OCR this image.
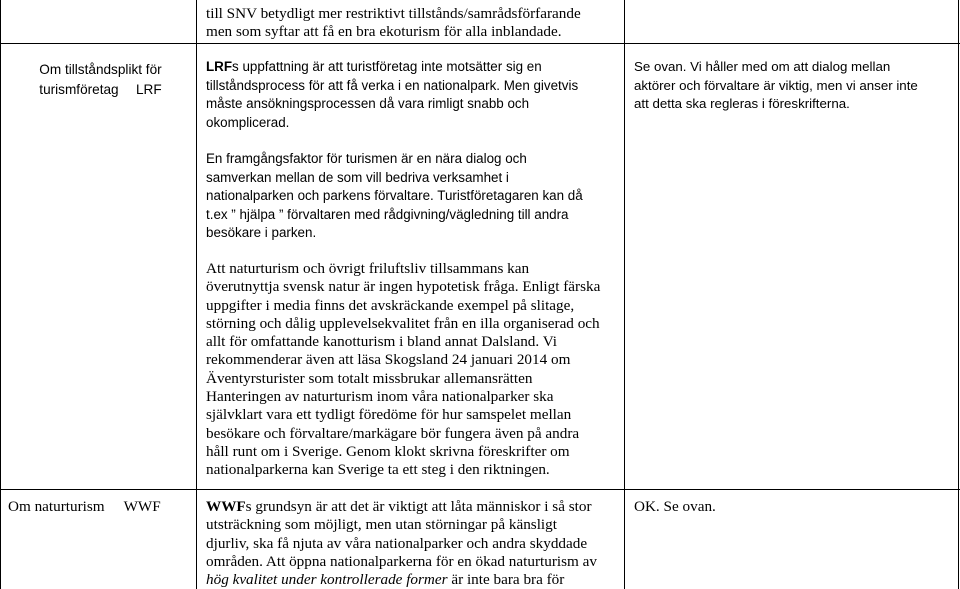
till SNV betydligt mer restriktivt tillstånds/samrådsförfarande
men som syftar att få en bra ekoturism för alla inblandade.
Om tillståndsplikt för
turismföretag  LRF
LRFs uppfattning är att turistföretag inte motsätter sig en
tillståndsprocess för att få verka i en nationalpark. Men givetvis
måste ansökningsprocessen då vara rimligt snabb och
okomplicerad.
En framgångsfaktor för turismen är en nära dialog och
samverkan mellan de som vill bedriva verksamhet i
nationalparken och parkens förvaltare. Turistföretagaren kan då
t.ex ” hjälpa ” förvaltaren med rådgivning/vägledning till andra
besökare i parken.
Att naturturism och övrigt friluftsliv tillsammans kan
överutnyttja svensk natur är ingen hypotetisk fråga. Enligt färska
uppgifter i media finns det avskräckande exempel på slitage,
störning och dålig upplevelsekvalitet från en illa organiserad och
allt för omfattande kanotturism i bland annat Dalsland. Vi
rekommenderar även att läsa Skogsland 24 januari 2014 om
Äventyrsturister som totalt missbrukar allemansrätten
Hanteringen av naturturism inom våra nationalparker ska
självklart vara ett tydligt föredöme för hur samspelet mellan
besökare och förvaltare/markägare bör fungera även på andra
håll runt om i Sverige. Genom klokt skrivna föreskrifter om
nationalparkerna kan Sverige ta ett steg i den riktningen.
Se ovan. Vi håller med om att dialog mellan
aktörer och förvaltare är viktig, men vi anser inte
att detta ska regleras i föreskrifterna.
Om naturturism  WWF	WWFs grundsyn är att det är viktigt att låta människor i så stor
utsträckning som möjligt, men utan störningar på känsligt
djurliv, ska få njuta av våra nationalparker och andra skyddade
områden. Att öppna nationalparkerna för en ökad naturturism av
hög kvalitet under kontrollerade former är inte bara bra för
OK. Se ovan.
